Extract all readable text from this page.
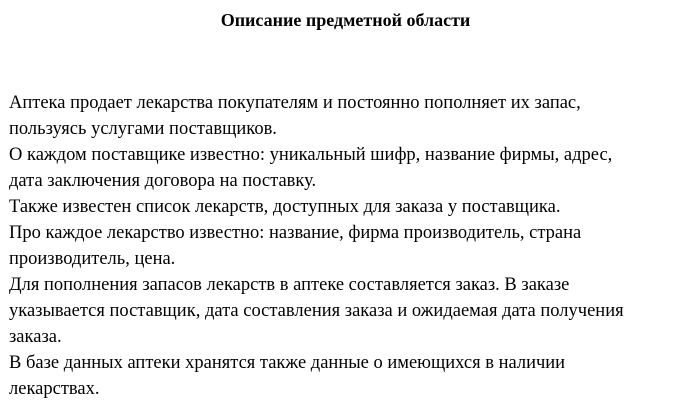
Описание предметной области
Аптека продает лекарства покупателям и постоянно пополняет их запас,
пользуясь услугами поставщиков.
О каждом поставщике известно: уникальный шифр, название фирмы, адрес,
дата заключения договора на поставку.
Также известен список лекарств, доступных для заказа у поставщика.
Про каждое лекарство известно: название, фирма производитель, страна
производитель, цена.
Для пополнения запасов лекарств в аптеке составляется заказ. В заказе
указывается поставщик, дата составления заказа и ожидаемая дата получения
заказа.
В базе данных аптеки хранятся также данные о имеющихся в наличии
лекарствах.
